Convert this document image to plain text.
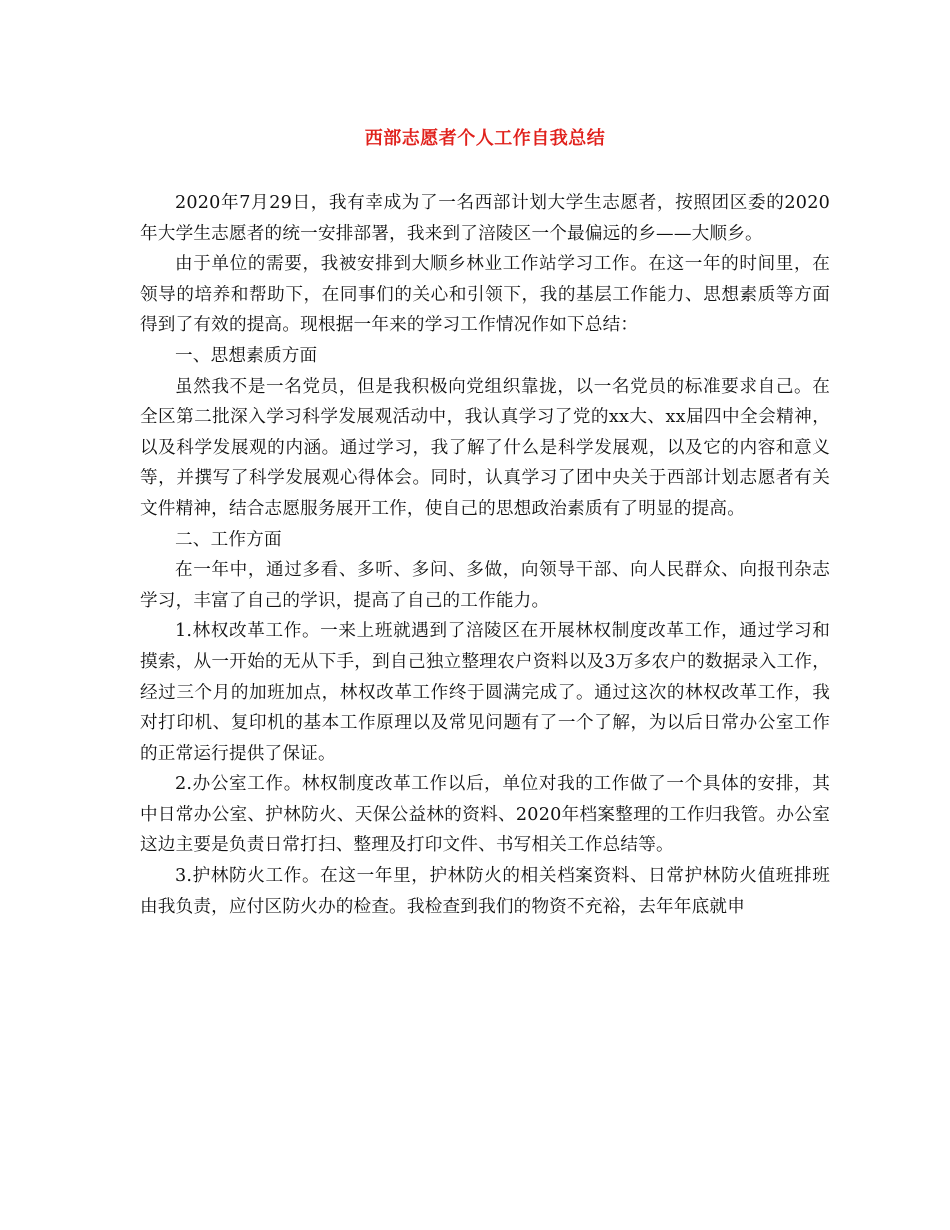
西部志愿者个人工作自我总结

2020年7月29日，我有幸成为了一名西部计划大学生志愿者，按照团区委的2020年大学生志愿者的统一安排部署，我来到了涪陵区一个最偏远的乡——大顺乡。

由于单位的需要，我被安排到大顺乡林业工作站学习工作。在这一年的时间里，在领导的培养和帮助下，在同事们的关心和引领下，我的基层工作能力、思想素质等方面得到了有效的提高。现根据一年来的学习工作情况作如下总结：

一、思想素质方面

虽然我不是一名党员，但是我积极向党组织靠拢，以一名党员的标准要求自己。在全区第二批深入学习科学发展观活动中，我认真学习了党的xx大、xx届四中全会精神，以及科学发展观的内涵。通过学习，我了解了什么是科学发展观，以及它的内容和意义等，并撰写了科学发展观心得体会。同时，认真学习了团中央关于西部计划志愿者有关文件精神，结合志愿服务展开工作，使自己的思想政治素质有了明显的提高。

二、工作方面

在一年中，通过多看、多听、多问、多做，向领导干部、向人民群众、向报刊杂志学习，丰富了自己的学识，提高了自己的工作能力。

1.林权改革工作。一来上班就遇到了涪陵区在开展林权制度改革工作，通过学习和摸索，从一开始的无从下手，到自己独立整理农户资料以及3万多农户的数据录入工作，经过三个月的加班加点，林权改革工作终于圆满完成了。通过这次的林权改革工作，我对打印机、复印机的基本工作原理以及常见问题有了一个了解，为以后日常办公室工作的正常运行提供了保证。

2.办公室工作。林权制度改革工作以后，单位对我的工作做了一个具体的安排，其中日常办公室、护林防火、天保公益林的资料、2020年档案整理的工作归我管。办公室这边主要是负责日常打扫、整理及打印文件、书写相关工作总结等。

3.护林防火工作。在这一年里，护林防火的相关档案资料、日常护林防火值班排班由我负责，应付区防火办的检查。我检查到我们的物资不充裕，去年年底就申
